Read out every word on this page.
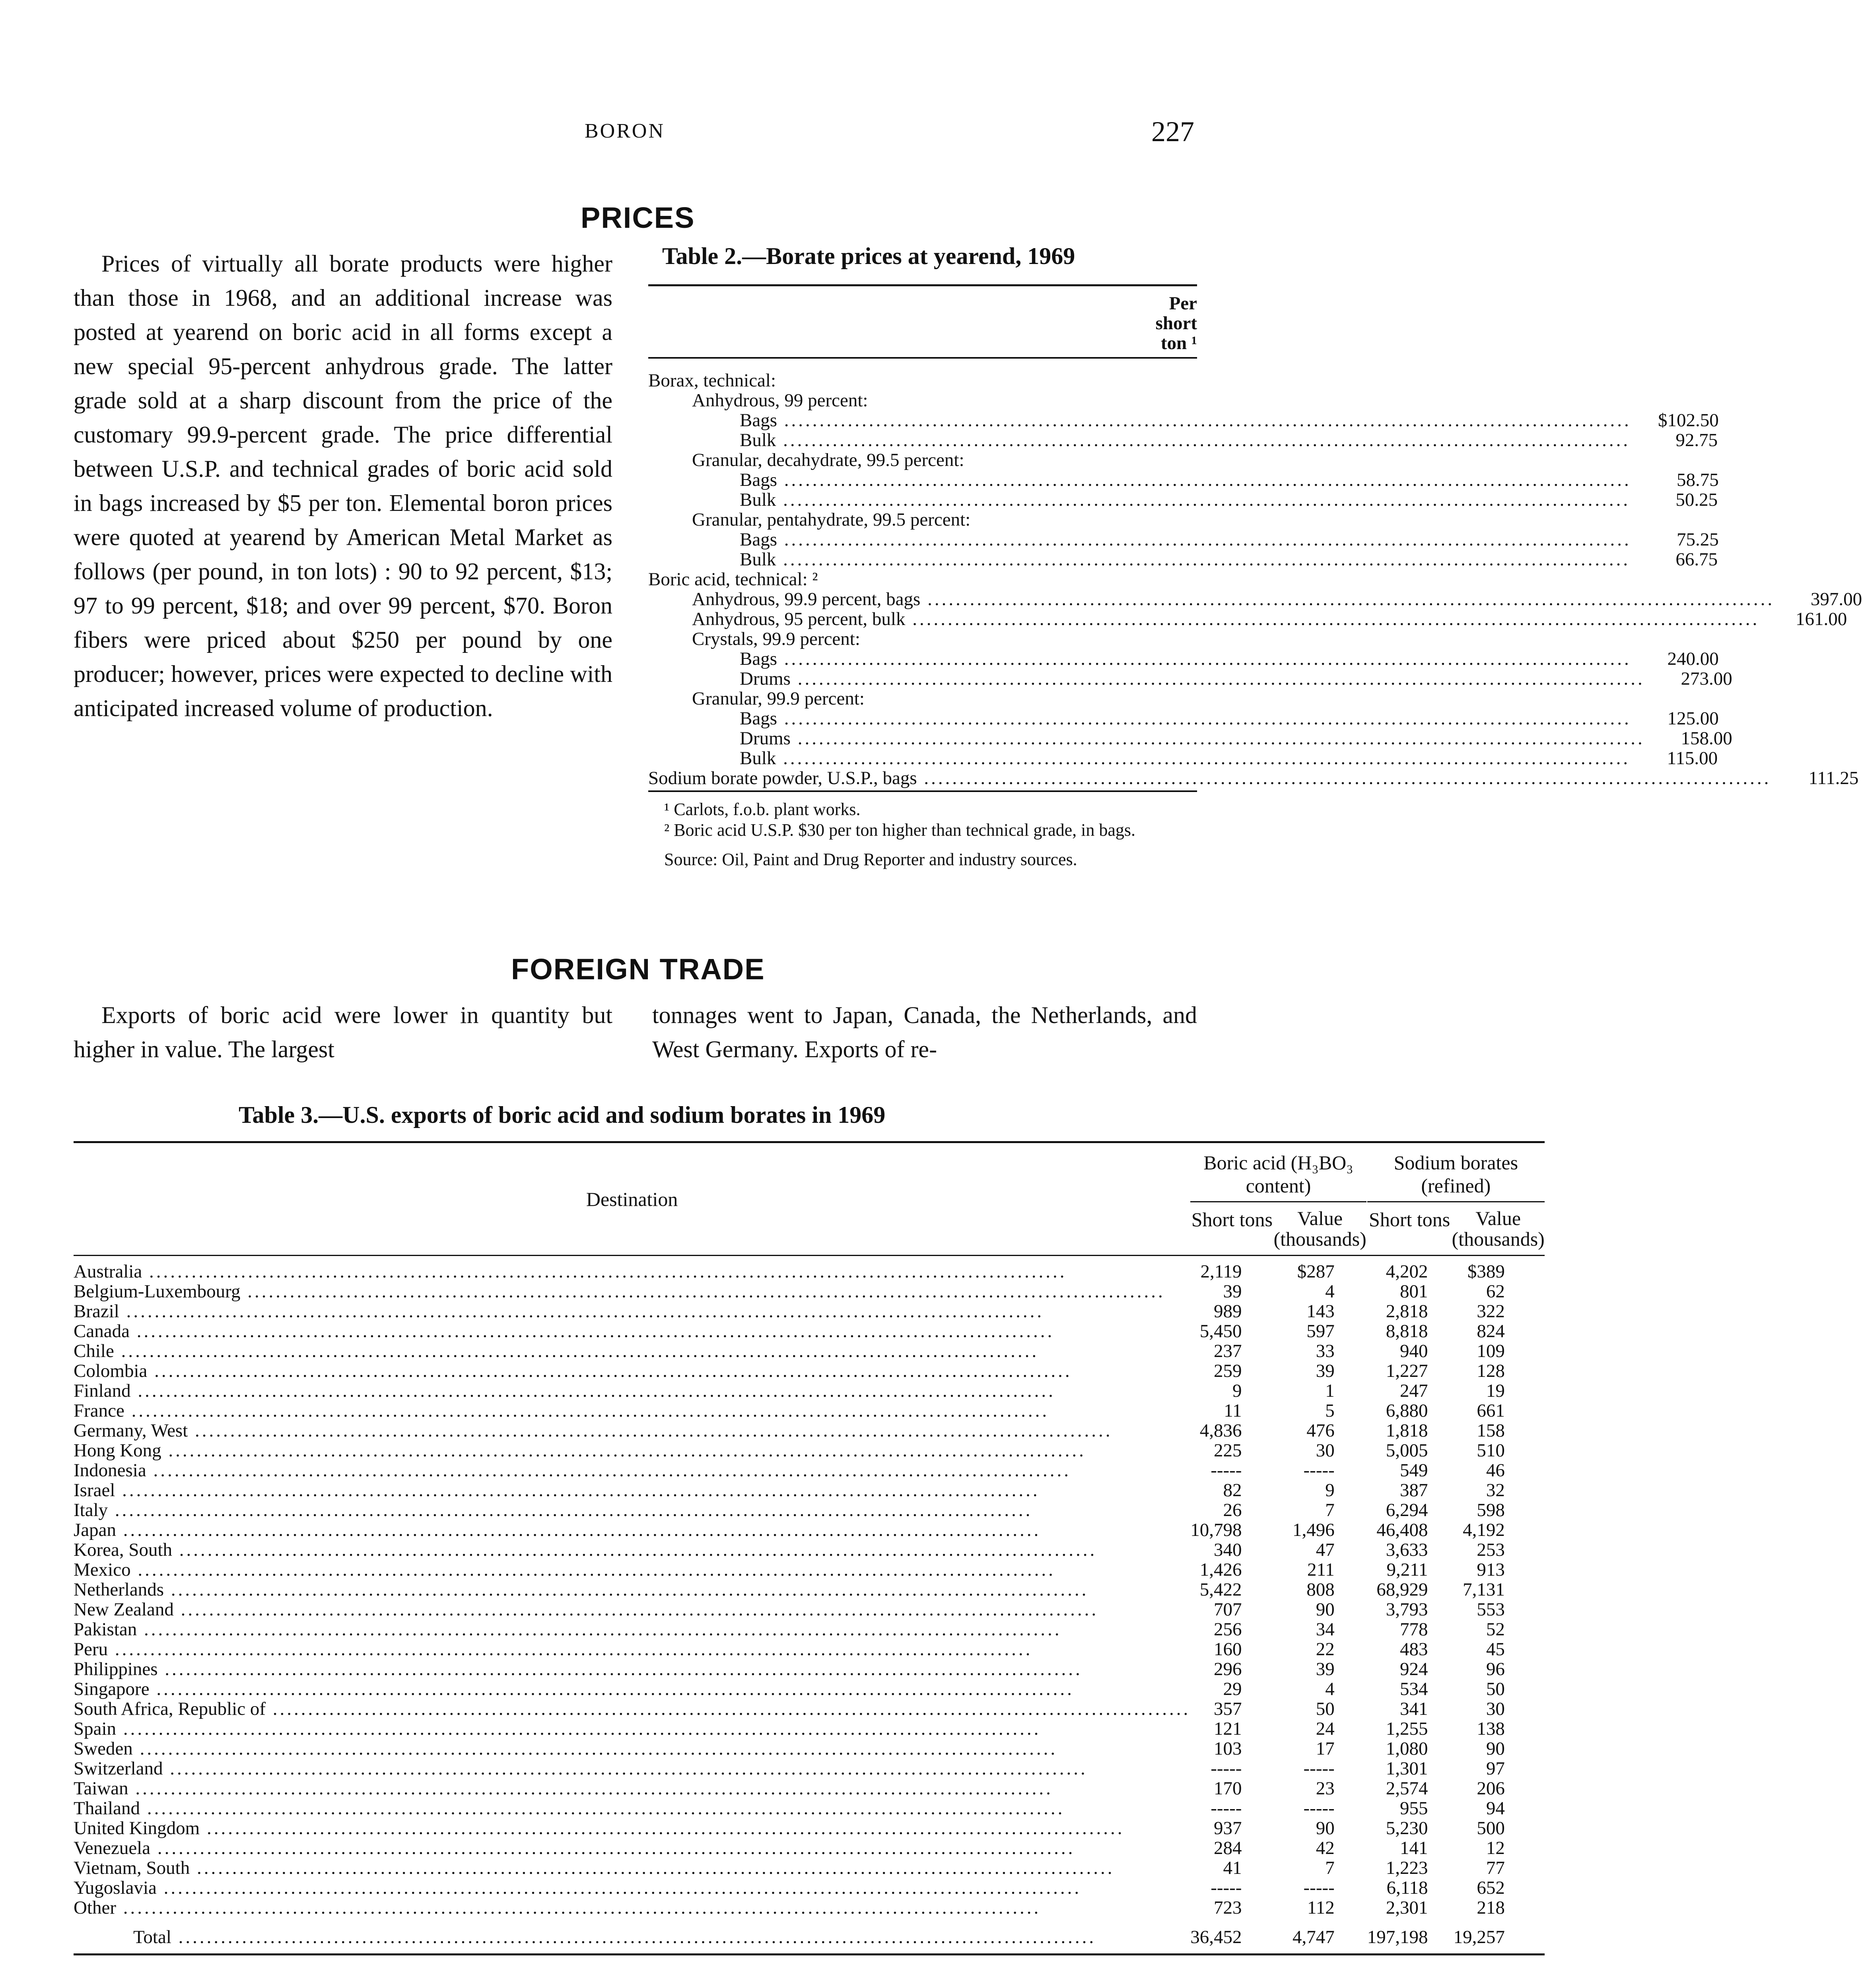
BORON	227
PRICES
Prices of virtually all borate products were higher than those in 1968, and an additional increase was posted at yearend on boric acid in all forms except a new special 95-percent anhydrous grade. The latter grade sold at a sharp discount from the price of the customary 99.9-percent grade. The price differential between U.S.P. and technical grades of boric acid sold in bags increased by $5 per ton. Elemental boron prices were quoted at yearend by American Metal Market as follows (per pound, in ton lots) : 90 to 92 percent, $13; 97 to 99 percent, $18; and over 99 percent, $70. Boron fibers were priced about $250 per pound by one producer; however, prices were expected to decline with anticipated increased volume of production.
Table 2.—Borate prices at yearend, 1969
Per
short
ton ¹
Borax, technical:
Anhydrous, 99 percent:
Bags .....	$102.50
Bulk .....	92.75
Granular, decahydrate, 99.5 percent:
Bags .....	58.75
Bulk .....	50.25
Granular, pentahydrate, 99.5 percent:
Bags .....	75.25
Bulk .....	66.75
Boric acid, technical: ²
Anhydrous, 99.9 percent, bags .....	397.00
Anhydrous, 95 percent, bulk .....	161.00
Crystals, 99.9 percent:
Bags .....	240.00
Drums .....	273.00
Granular, 99.9 percent:
Bags .....	125.00
Drums .....	158.00
Bulk .....	115.00
Sodium borate powder, U.S.P., bags .....	111.25
¹ Carlots, f.o.b. plant works.
² Boric acid U.S.P. $30 per ton higher than technical grade, in bags.
Source: Oil, Paint and Drug Reporter and industry sources.
FOREIGN TRADE
Exports of boric acid were lower in quantity but higher in value. The largest
tonnages went to Japan, Canada, the Netherlands, and West Germany. Exports of re-
Table 3.—U.S. exports of boric acid and sodium borates in 1969
Destination	Boric acid (H₃BO₃ content)			Sodium borates (refined)	
	Short tons	Value (thousands)		Short tons	Value (thousands)
Australia .....	2,119	$287		4,202	$389
Belgium-Luxembourg .....	39	4		801	62
Brazil .....	989	143		2,818	322
Canada .....	5,450	597		8,818	824
Chile .....	237	33		940	109
Colombia .....	259	39		1,227	128
Finland .....	9	1		247	19
France .....	11	5		6,880	661
Germany, West .....	4,836	476		1,818	158
Hong Kong .....	225	30		5,005	510
Indonesia .....	-----	-----		549	46
Israel .....	82	9		387	32
Italy .....	26	7		6,294	598
Japan .....	10,798	1,496		46,408	4,192
Korea, South .....	340	47		3,633	253
Mexico .....	1,426	211		9,211	913
Netherlands .....	5,422	808		68,929	7,131
New Zealand .....	707	90		3,793	553
Pakistan .....	256	34		778	52
Peru .....	160	22		483	45
Philippines .....	296	39		924	96
Singapore .....	29	4		534	50
South Africa, Republic of .....	357	50		341	30
Spain .....	121	24		1,255	138
Sweden .....	103	17		1,080	90
Switzerland .....	-----	-----		1,301	97
Taiwan .....	170	23		2,574	206
Thailand .....	-----	-----		955	94
United Kingdom .....	937	90		5,230	500
Venezuela .....	284	42		141	12
Vietnam, South .....	41	7		1,223	77
Yugoslavia .....	-----	-----		6,118	652
Other .....	723	112		2,301	218
Total .....	36,452	4,747		197,198	19,257
